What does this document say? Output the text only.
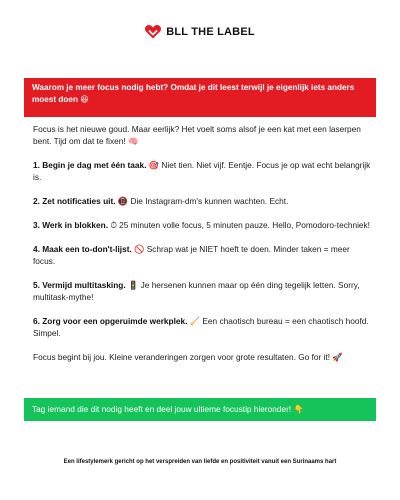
BLL THE LABEL
Waarom je meer focus nodig hebt? Omdat je dit leest terwijl je eigenlijk iets anders moest doen 😆

Focus is het nieuwe goud. Maar eerlijk? Het voelt soms alsof je een kat met een laserpen bent. Tijd om dat te fixen! 🧠

1. Begin je dag met één taak. 🎯 Niet tien. Niet vijf. Eentje. Focus je op wat echt belangrijk is.

2. Zet notificaties uit. 📵 Die Instagram-dm's kunnen wachten. Echt.

3. Werk in blokken. ⏱ 25 minuten volle focus, 5 minuten pauze. Hello, Pomodoro-techniek!

4. Maak een to-don't-lijst. 🚫 Schrap wat je NIET hoeft te doen. Minder taken = meer focus.

5. Vermijd multitasking. 🚦 Je hersenen kunnen maar op één ding tegelijk letten. Sorry, multitask-mythe!

6. Zorg voor een opgeruimde werkplek. 🧹 Een chaotisch bureau = een chaotisch hoofd. Simpel.

Focus begint bij jou. Kleine veranderingen zorgen voor grote resultaten. Go for it! 🚀

Tag iemand die dit nodig heeft en deel jouw ultieme focustip hieronder! 👇
Een lifestylemerk gericht op het verspreiden van liefde en positiviteit vanuit een Surinaams hart
